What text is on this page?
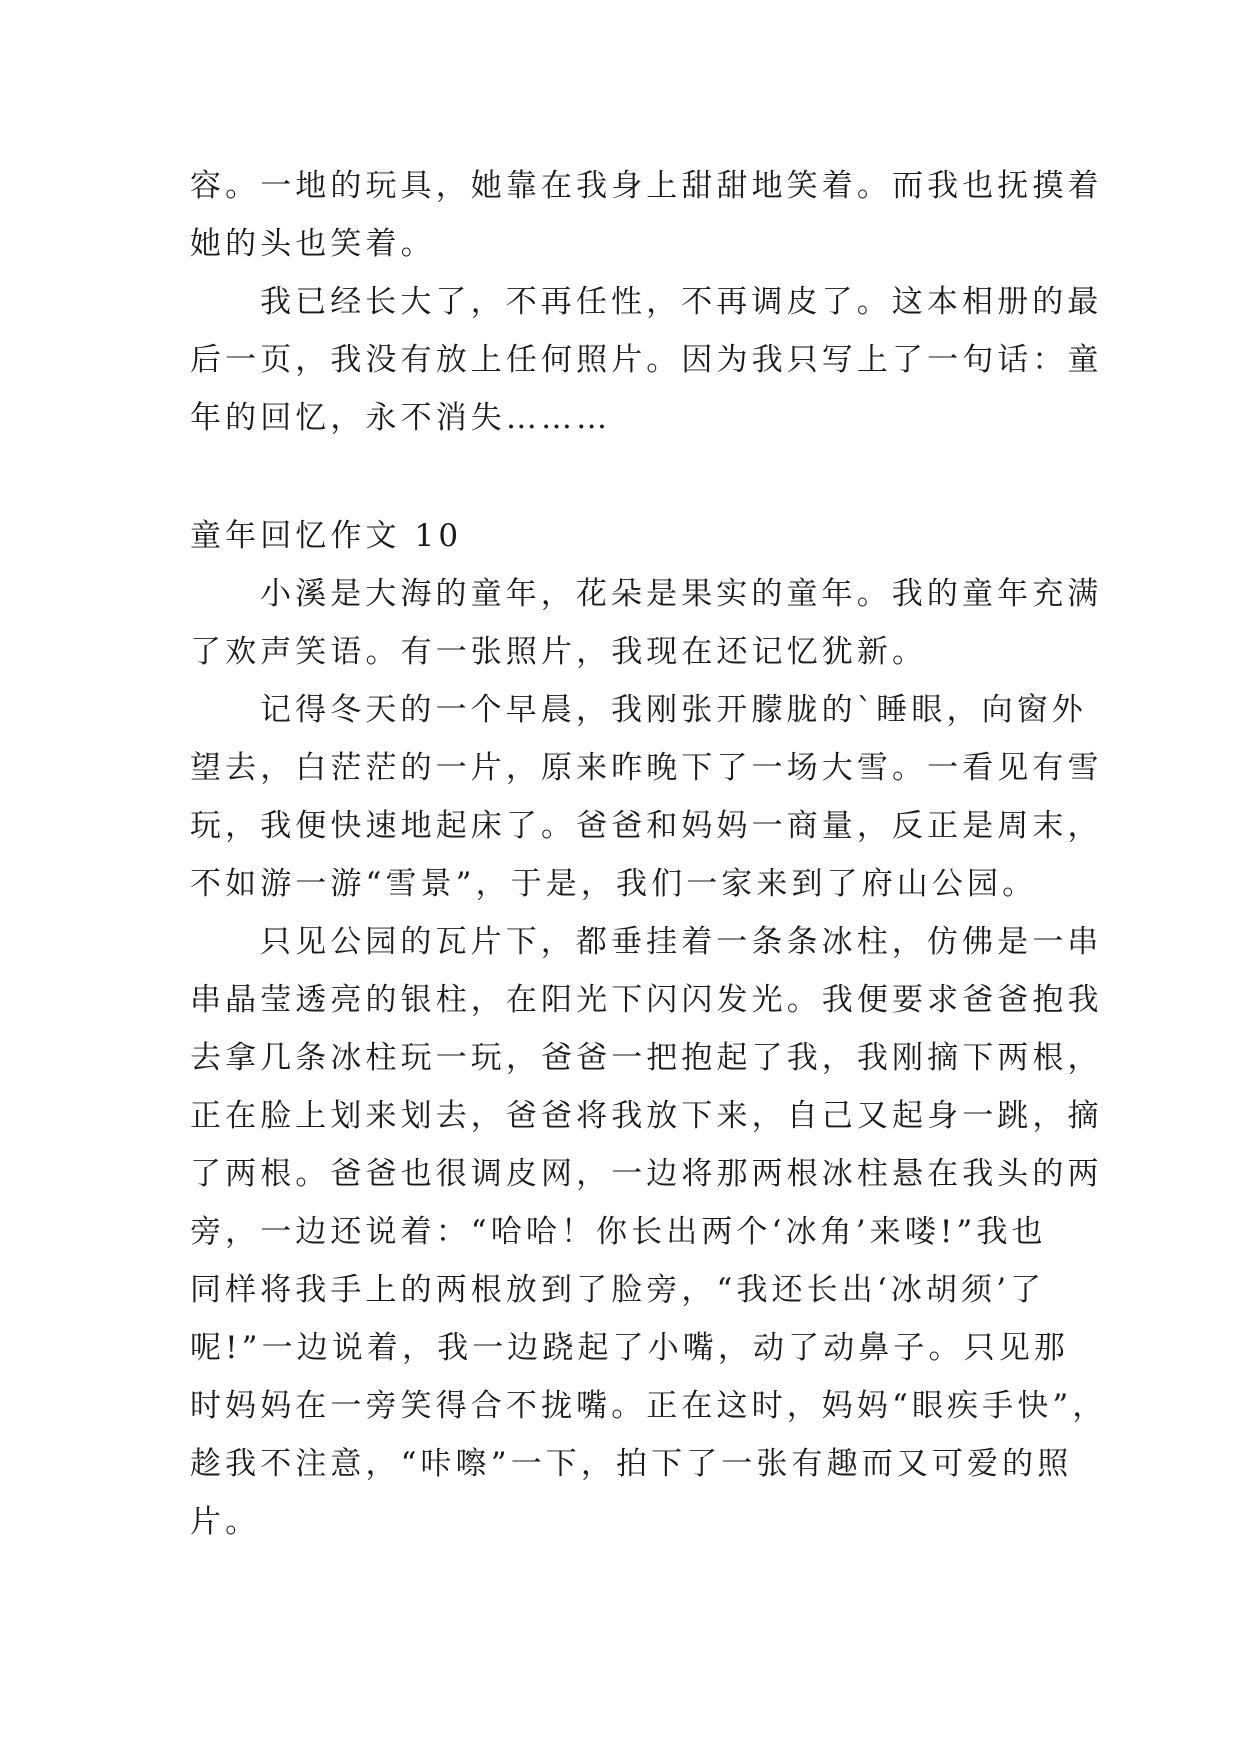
容。一地的玩具，她靠在我身上甜甜地笑着。而我也抚摸着
她的头也笑着。
我已经长大了，不再任性，不再调皮了。这本相册的最
后一页，我没有放上任何照片。因为我只写上了一句话：童
年的回忆，永不消失………
童年回忆作文 10
小溪是大海的童年，花朵是果实的童年。我的童年充满
了欢声笑语。有一张照片，我现在还记忆犹新。
记得冬天的一个早晨，我刚张开朦胧的`睡眼，向窗外
望去，白茫茫的一片，原来昨晚下了一场大雪。一看见有雪
玩，我便快速地起床了。爸爸和妈妈一商量，反正是周末，
不如游一游“雪景”，于是，我们一家来到了府山公园。
只见公园的瓦片下，都垂挂着一条条冰柱，仿佛是一串
串晶莹透亮的银柱，在阳光下闪闪发光。我便要求爸爸抱我
去拿几条冰柱玩一玩，爸爸一把抱起了我，我刚摘下两根，
正在脸上划来划去，爸爸将我放下来，自己又起身一跳，摘
了两根。爸爸也很调皮网，一边将那两根冰柱悬在我头的两
旁，一边还说着：“哈哈！你长出两个‘冰角’来喽!”我也
同样将我手上的两根放到了脸旁，“我还长出‘冰胡须’了
呢!”一边说着，我一边跷起了小嘴，动了动鼻子。只见那
时妈妈在一旁笑得合不拢嘴。正在这时，妈妈“眼疾手快”，
趁我不注意，“咔嚓”一下，拍下了一张有趣而又可爱的照
片。
